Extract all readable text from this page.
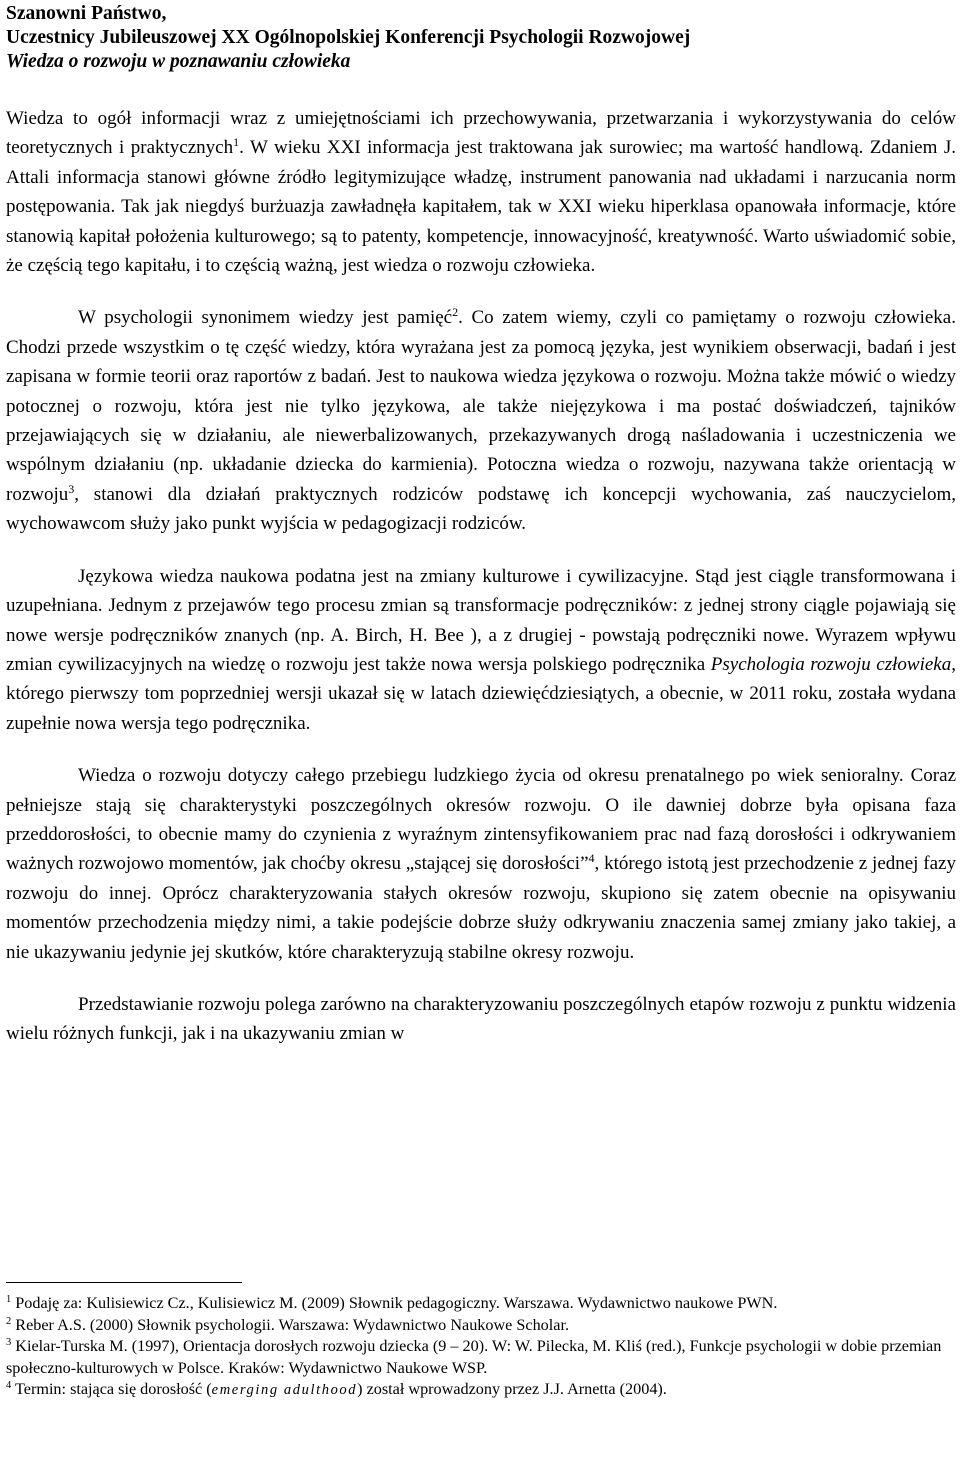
Szanowni Państwo,
Uczestnicy Jubileuszowej XX Ogólnopolskiej Konferencji Psychologii Rozwojowej
Wiedza o rozwoju w poznawaniu człowieka

Wiedza to ogół informacji wraz z umiejętnościami ich przechowywania, przetwarzania i wykorzystywania do celów teoretycznych i praktycznych$^1$. W wieku XXI informacja jest traktowana jak surowiec; ma wartość handlową. Zdaniem J. Attali informacja stanowi główne źródło legitymizujące władzę, instrument panowania nad układami i narzucania norm postępowania. Tak jak niegdyś burżuazja zawładnęła kapitałem, tak w XXI wieku hiperklasa opanowała informacje, które stanowią kapitał położenia kulturowego; są to patenty, kompetencje, innowacyjność, kreatywność. Warto uświadomić sobie, że częścią tego kapitału, i to częścią ważną, jest wiedza o rozwoju człowieka.

W psychologii synonimem wiedzy jest pamięć$^2$. Co zatem wiemy, czyli co pamiętamy o rozwoju człowieka. Chodzi przede wszystkim o tę część wiedzy, która wyrażana jest za pomocą języka, jest wynikiem obserwacji, badań i jest zapisana w formie teorii oraz raportów z badań. Jest to naukowa wiedza językowa o rozwoju. Można także mówić o wiedzy potocznej o rozwoju, która jest nie tylko językowa, ale także niejęzykowa i ma postać doświadczeń, tajników przejawiających się w działaniu, ale niewerbalizowanych, przekazywanych drogą naśladowania i uczestniczenia we wspólnym działaniu (np. układanie dziecka do karmienia). Potoczna wiedza o rozwoju, nazywana także orientacją w rozwoju$^3$, stanowi dla działań praktycznych rodziców podstawę ich koncepcji wychowania, zaś nauczycielom, wychowawcom służy jako punkt wyjścia w pedagogizacji rodziców.

Językowa wiedza naukowa podatna jest na zmiany kulturowe i cywilizacyjne. Stąd jest ciągle transformowana i uzupełniana. Jednym z przejawów tego procesu zmian są transformacje podręczników: z jednej strony ciągle pojawiają się nowe wersje podręczników znanych (np. A. Birch, H. Bee ), a z drugiej - powstają podręczniki nowe. Wyrazem wpływu zmian cywilizacyjnych na wiedzę o rozwoju jest także nowa wersja polskiego podręcznika Psychologia rozwoju człowieka, którego pierwszy tom poprzedniej wersji ukazał się w latach dziewięćdziesiątych, a obecnie, w 2011 roku, została wydana zupełnie nowa wersja tego podręcznika.

Wiedza o rozwoju dotyczy całego przebiegu ludzkiego życia od okresu prenatalnego po wiek senioralny. Coraz pełniejsze stają się charakterystyki poszczególnych okresów rozwoju. O ile dawniej dobrze była opisana faza przeddorosłości, to obecnie mamy do czynienia z wyraźnym zintensyfikowaniem prac nad fazą dorosłości i odkrywaniem ważnych rozwojowo momentów, jak choćby okresu „stającej się dorosłości”$^4$, którego istotą jest przechodzenie z jednej fazy rozwoju do innej. Oprócz charakteryzowania stałych okresów rozwoju, skupiono się zatem obecnie na opisywaniu momentów przechodzenia między nimi, a takie podejście dobrze służy odkrywaniu znaczenia samej zmiany jako takiej, a nie ukazywaniu jedynie jej skutków, które charakteryzują stabilne okresy rozwoju.

Przedstawianie rozwoju polega zarówno na charakteryzowaniu poszczególnych etapów rozwoju z punktu widzenia wielu różnych funkcji, jak i na ukazywaniu zmian w

$^1$ Podaję za: Kulisiewicz Cz., Kulisiewicz M. (2009) Słownik pedagogiczny. Warszawa. Wydawnictwo naukowe PWN.

$^2$ Reber A.S. (2000) Słownik psychologii. Warszawa: Wydawnictwo Naukowe Scholar.

$^3$ Kielar-Turska M. (1997), Orientacja dorosłych rozwoju dziecka (9 – 20). W: W. Pilecka, M. Kliś (red.), Funkcje psychologii w dobie przemian społeczno-kulturowych w Polsce. Kraków: Wydawnictwo Naukowe WSP.

$^4$ Termin: stająca się dorosłość (emerging adulthood) został wprowadzony przez J.J. Arnetta (2004).
